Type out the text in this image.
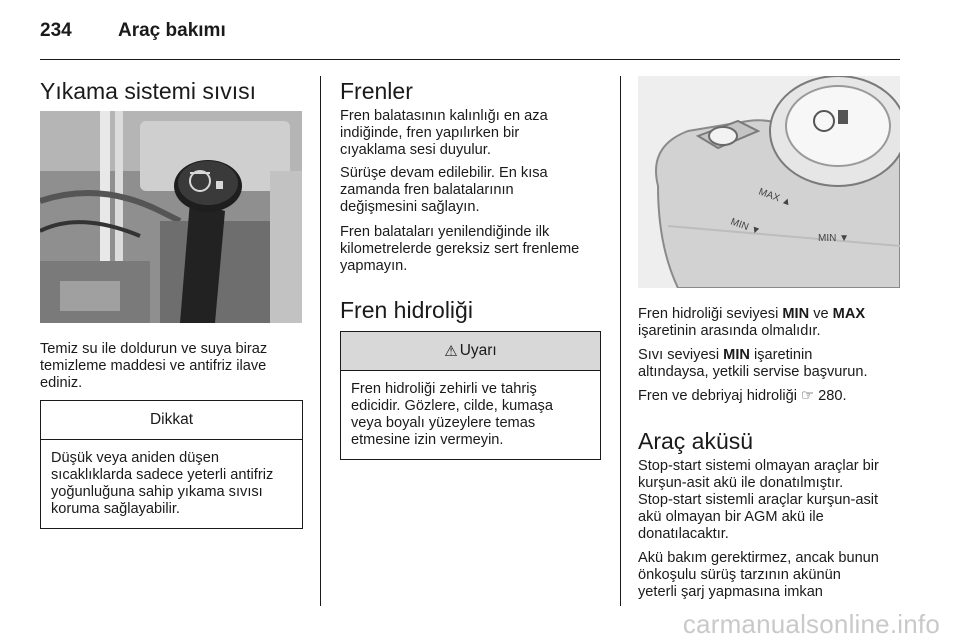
234 Araç bakımı
Yıkama sistemi sıvısı

Temiz su ile doldurun ve suya biraz
temizleme maddesi ve antifriz ilave
ediniz.

Dikkat
Düşük veya aniden düşen
sıcaklıklarda sadece yeterli antifriz
yoğunluğuna sahip yıkama sıvısı
koruma sağlayabilir.
Frenler

Fren balatasının kalınlığı en aza
indiğinde, fren yapılırken bir
cıyaklama sesi duyulur.

Sürüşe devam edilebilir. En kısa
zamanda fren balatalarının
değişmesini sağlayın.

Fren balataları yenilendiğinde ilk
kilometrelerde gereksiz sert frenleme
yapmayın.

Fren hidroliği
⚠ Uyarı
Fren hidroliği zehirli ve tahriş
edicidir. Gözlere, cilde, kumaşa
veya boyalı yüzeylere temas
etmesine izin vermeyin.
MAX ▲
MIN ▼
MIN ▼

Fren hidroliği seviyesi MIN ve MAX
işaretinin arasında olmalıdır.

Sıvı seviyesi MIN işaretinin
altındaysa, yetkili servise başvurun.

Fren ve debriyaj hidroliği ☞ 280.

Araç aküsü

Stop-start sistemi olmayan araçlar bir
kurşun-asit akü ile donatılmıştır.
Stop-start sistemli araçlar kurşun-asit
akü olmayan bir AGM akü ile
donatılacaktır.

Akü bakım gerektirmez, ancak bunun
önkoşulu sürüş tarzının akünün
yeterli şarj yapmasına imkan

carmanualsonline.info
